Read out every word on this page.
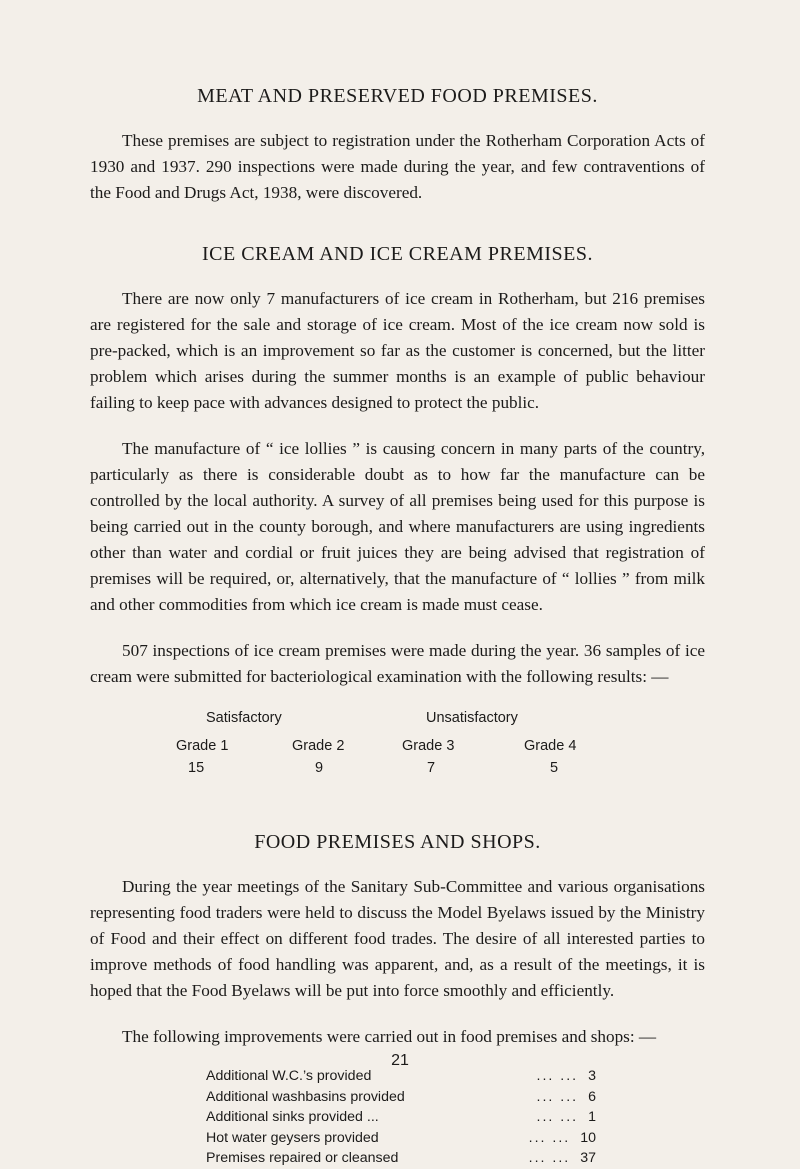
MEAT AND PRESERVED FOOD PREMISES.

These premises are subject to registration under the Rotherham Corporation Acts of 1930 and 1937. 290 inspections were made during the year, and few contraventions of the Food and Drugs Act, 1938, were discovered.

ICE CREAM AND ICE CREAM PREMISES.

There are now only 7 manufacturers of ice cream in Rotherham, but 216 premises are registered for the sale and storage of ice cream. Most of the ice cream now sold is pre-packed, which is an improvement so far as the customer is concerned, but the litter problem which arises during the summer months is an example of public behaviour failing to keep pace with advances designed to protect the public.

The manufacture of “ ice lollies ” is causing concern in many parts of the country, particularly as there is considerable doubt as to how far the manufacture can be controlled by the local authority. A survey of all premises being used for this purpose is being carried out in the county borough, and where manufacturers are using ingredients other than water and cordial or fruit juices they are being advised that registration of premises will be required, or, alternatively, that the manufacture of “ lollies ” from milk and other commodities from which ice cream is made must cease.

507 inspections of ice cream premises were made during the year. 36 samples of ice cream were submitted for bacteriological examination with the following results: —

Satisfactory	Unsatisfactory
Grade 1	Grade 2	Grade 3	Grade 4
15	9	7	5
FOOD PREMISES AND SHOPS.

During the year meetings of the Sanitary Sub-Committee and various organisations representing food traders were held to discuss the Model Byelaws issued by the Ministry of Food and their effect on different food trades. The desire of all interested parties to improve methods of food handling was apparent, and, as a result of the meetings, it is hoped that the Food Byelaws will be put into force smoothly and efficiently.

The following improvements were carried out in food premises and shops: —

Additional W.C.’s provided	... ... 3
Additional washbasins provided	... ... 6
Additional sinks provided ...	... ... 1
Hot water geysers provided	... ... 10
Premises repaired or cleansed	... ... 37
21
